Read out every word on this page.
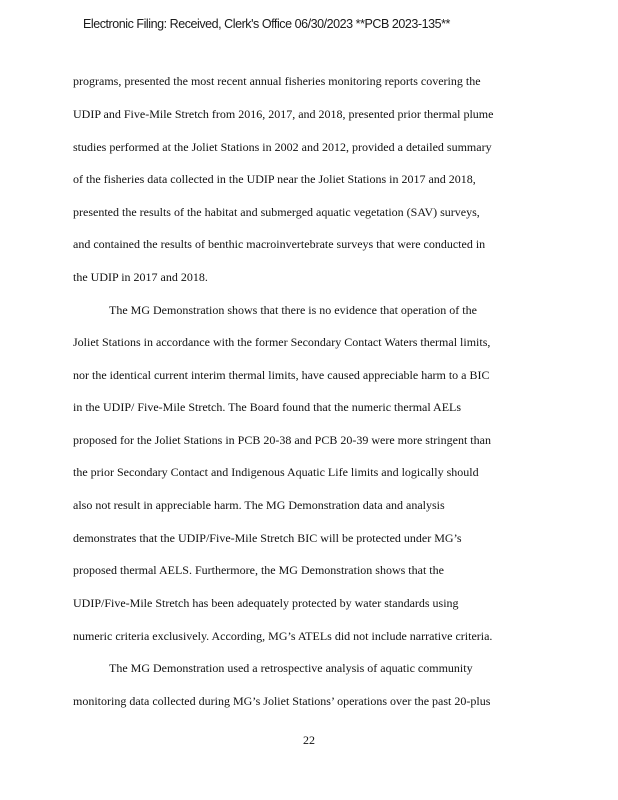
Electronic Filing: Received, Clerk's Office 06/30/2023 **PCB 2023-135**
programs, presented the most recent annual fisheries monitoring reports covering the
UDIP and Five-Mile Stretch from 2016, 2017, and 2018, presented prior thermal plume
studies performed at the Joliet Stations in 2002 and 2012, provided a detailed summary
of the fisheries data collected in the UDIP near the Joliet Stations in 2017 and 2018,
presented the results of the habitat and submerged aquatic vegetation (SAV) surveys,
and contained the results of benthic macroinvertebrate surveys that were conducted in
the UDIP in 2017 and 2018.
The MG Demonstration shows that there is no evidence that operation of the
Joliet Stations in accordance with the former Secondary Contact Waters thermal limits,
nor the identical current interim thermal limits, have caused appreciable harm to a BIC
in the UDIP/ Five-Mile Stretch. The Board found that the numeric thermal AELs
proposed for the Joliet Stations in PCB 20-38 and PCB 20-39 were more stringent than
the prior Secondary Contact and Indigenous Aquatic Life limits and logically should
also not result in appreciable harm. The MG Demonstration data and analysis
demonstrates that the UDIP/Five-Mile Stretch BIC will be protected under MG’s
proposed thermal AELS. Furthermore, the MG Demonstration shows that the
UDIP/Five-Mile Stretch has been adequately protected by water standards using
numeric criteria exclusively. According, MG’s ATELs did not include narrative criteria.
The MG Demonstration used a retrospective analysis of aquatic community
monitoring data collected during MG’s Joliet Stations’ operations over the past 20-plus
22
